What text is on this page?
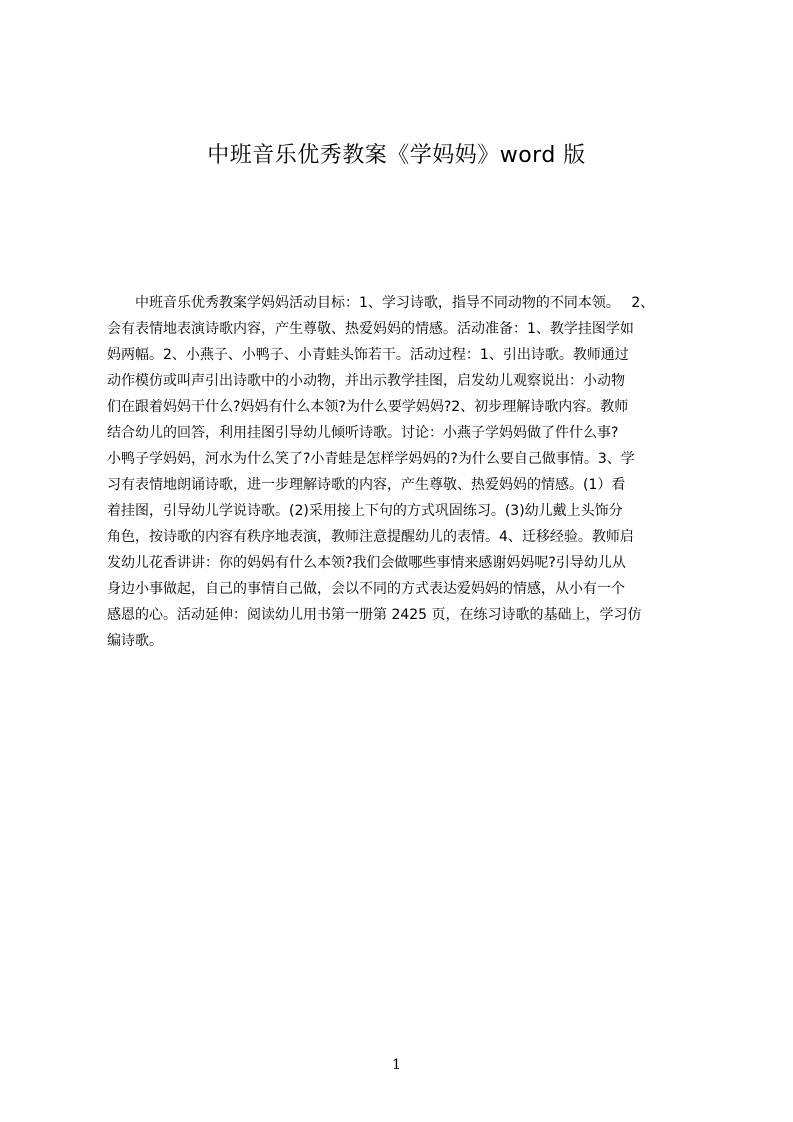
中班音乐优秀教案《学妈妈》word 版
　　中班音乐优秀教案学妈妈活动目标：1、学习诗歌，指导不同动物的不同本领。　 2、
会有表情地表演诗歌内容，产生尊敬、热爱妈妈的情感。活动准备：1、教学挂图学如
妈两幅。2、小燕子、小鸭子、小青蛙头饰若干。活动过程：1、引出诗歌。教师通过
动作模仿或叫声引出诗歌中的小动物，并出示教学挂图，启发幼儿观察说出：小动物
们在跟着妈妈干什么?妈妈有什么本领?为什么要学妈妈?2、初步理解诗歌内容。教师
结合幼儿的回答，利用挂图引导幼儿倾听诗歌。讨论：小燕子学妈妈做了件什么事?
小鸭子学妈妈，河水为什么笑了?小青蛙是怎样学妈妈的?为什么要自己做事情。3、学
习有表情地朗诵诗歌，进一步理解诗歌的内容，产生尊敬、热爱妈妈的情感。(1）看
着挂图，引导幼儿学说诗歌。(2)采用接上下句的方式巩固练习。(3)幼儿戴上头饰分
角色，按诗歌的内容有秩序地表演，教师注意提醒幼儿的表情。4、迁移经验。教师启
发幼儿花香讲讲：你的妈妈有什么本领?我们会做哪些事情来感谢妈妈呢?引导幼儿从
身边小事做起，自己的事情自己做，会以不同的方式表达爱妈妈的情感，从小有一个
感恩的心。活动延伸：阅读幼儿用书第一册第 2425 页，在练习诗歌的基础上，学习仿
编诗歌。
1
